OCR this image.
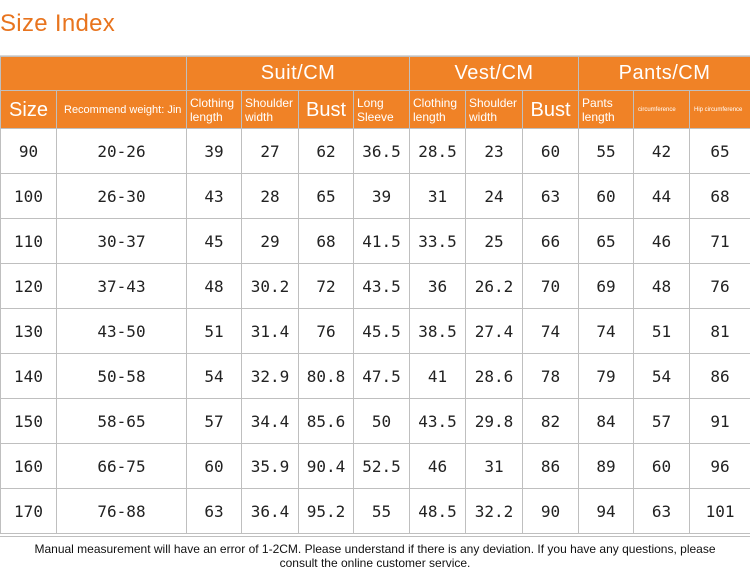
Size Index
		Suit/CM				Vest/CM			Pants/CM		
Size	Recommend weight: Jin	Clothing length	Shoulder width	Bust	Long Sleeve	Clothing length	Shoulder width	Bust	Pants length	circumference	Hip circumference
90	20-26	39	27	62	36.5	28.5	23	60	55	42	65
100	26-30	43	28	65	39	31	24	63	60	44	68
110	30-37	45	29	68	41.5	33.5	25	66	65	46	71
120	37-43	48	30.2	72	43.5	36	26.2	70	69	48	76
130	43-50	51	31.4	76	45.5	38.5	27.4	74	74	51	81
140	50-58	54	32.9	80.8	47.5	41	28.6	78	79	54	86
150	58-65	57	34.4	85.6	50	43.5	29.8	82	84	57	91
160	66-75	60	35.9	90.4	52.5	46	31	86	89	60	96
170	76-88	63	36.4	95.2	55	48.5	32.2	90	94	63	101
Manual measurement will have an error of 1-2CM. Please understand if there is any deviation. If you have any questions, please consult the online customer service.
